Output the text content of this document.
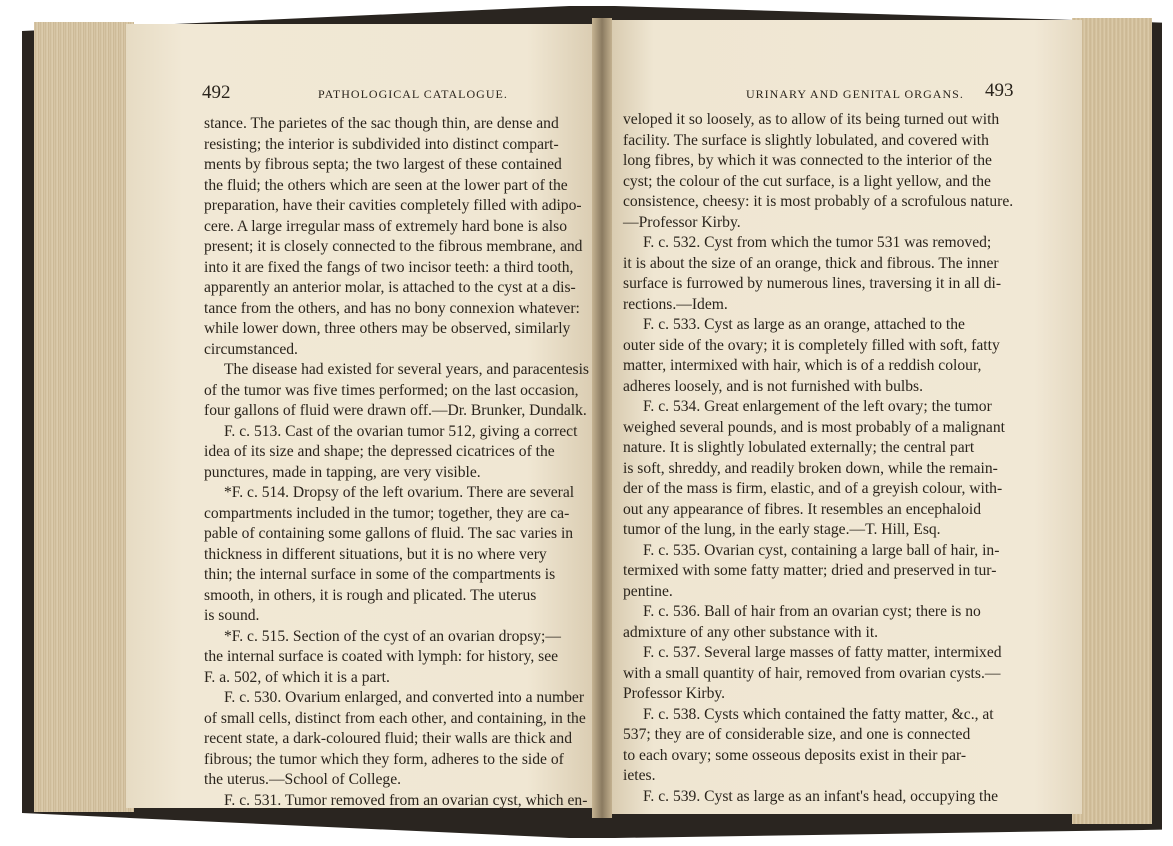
492	PATHOLOGICAL CATALOGUE.	URINARY AND GENITAL ORGANS. 493
stance. The parietes of the sac though thin, are dense and
resisting; the interior is subdivided into distinct compart-
ments by fibrous septa; the two largest of these contained
the fluid; the others which are seen at the lower part of the
preparation, have their cavities completely filled with adipo-
cere. A large irregular mass of extremely hard bone is also
present; it is closely connected to the fibrous membrane, and
into it are fixed the fangs of two incisor teeth: a third tooth,
apparently an anterior molar, is attached to the cyst at a dis-
tance from the others, and has no bony connexion whatever:
while lower down, three others may be observed, similarly
circumstanced.
The disease had existed for several years, and paracentesis
of the tumor was five times performed; on the last occasion,
four gallons of fluid were drawn off.—Dr. Brunker, Dundalk.
F. c. 513. Cast of the ovarian tumor 512, giving a correct
idea of its size and shape; the depressed cicatrices of the
punctures, made in tapping, are very visible.
*F. c. 514. Dropsy of the left ovarium. There are several
compartments included in the tumor; together, they are ca-
pable of containing some gallons of fluid. The sac varies in
thickness in different situations, but it is no where very
thin; the internal surface in some of the compartments is
smooth, in others, it is rough and plicated. The uterus
is sound.
*F. c. 515. Section of the cyst of an ovarian dropsy;—
the internal surface is coated with lymph: for history, see
F. a. 502, of which it is a part.
F. c. 530. Ovarium enlarged, and converted into a number
of small cells, distinct from each other, and containing, in the
recent state, a dark-coloured fluid; their walls are thick and
fibrous; the tumor which they form, adheres to the side of
the uterus.—School of College.
F. c. 531. Tumor removed from an ovarian cyst, which en-
veloped it so loosely, as to allow of its being turned out with
facility. The surface is slightly lobulated, and covered with
long fibres, by which it was connected to the interior of the
cyst; the colour of the cut surface, is a light yellow, and the
consistence, cheesy: it is most probably of a scrofulous nature.
—Professor Kirby.
F. c. 532. Cyst from which the tumor 531 was removed;
it is about the size of an orange, thick and fibrous. The inner
surface is furrowed by numerous lines, traversing it in all di-
rections.—Idem.
F. c. 533. Cyst as large as an orange, attached to the
outer side of the ovary; it is completely filled with soft, fatty
matter, intermixed with hair, which is of a reddish colour,
adheres loosely, and is not furnished with bulbs.
F. c. 534. Great enlargement of the left ovary; the tumor
weighed several pounds, and is most probably of a malignant
nature. It is slightly lobulated externally; the central part
is soft, shreddy, and readily broken down, while the remain-
der of the mass is firm, elastic, and of a greyish colour, with-
out any appearance of fibres. It resembles an encephaloid
tumor of the lung, in the early stage.—T. Hill, Esq.
F. c. 535. Ovarian cyst, containing a large ball of hair, in-
termixed with some fatty matter; dried and preserved in tur-
pentine.
F. c. 536. Ball of hair from an ovarian cyst; there is no
admixture of any other substance with it.
F. c. 537. Several large masses of fatty matter, intermixed
with a small quantity of hair, removed from ovarian cysts.—
Professor Kirby.
F. c. 538. Cysts which contained the fatty matter, &c., at
537; they are of considerable size, and one is connected
to each ovary; some osseous deposits exist in their par-
ietes.
F. c. 539. Cyst as large as an infant's head, occupying the
